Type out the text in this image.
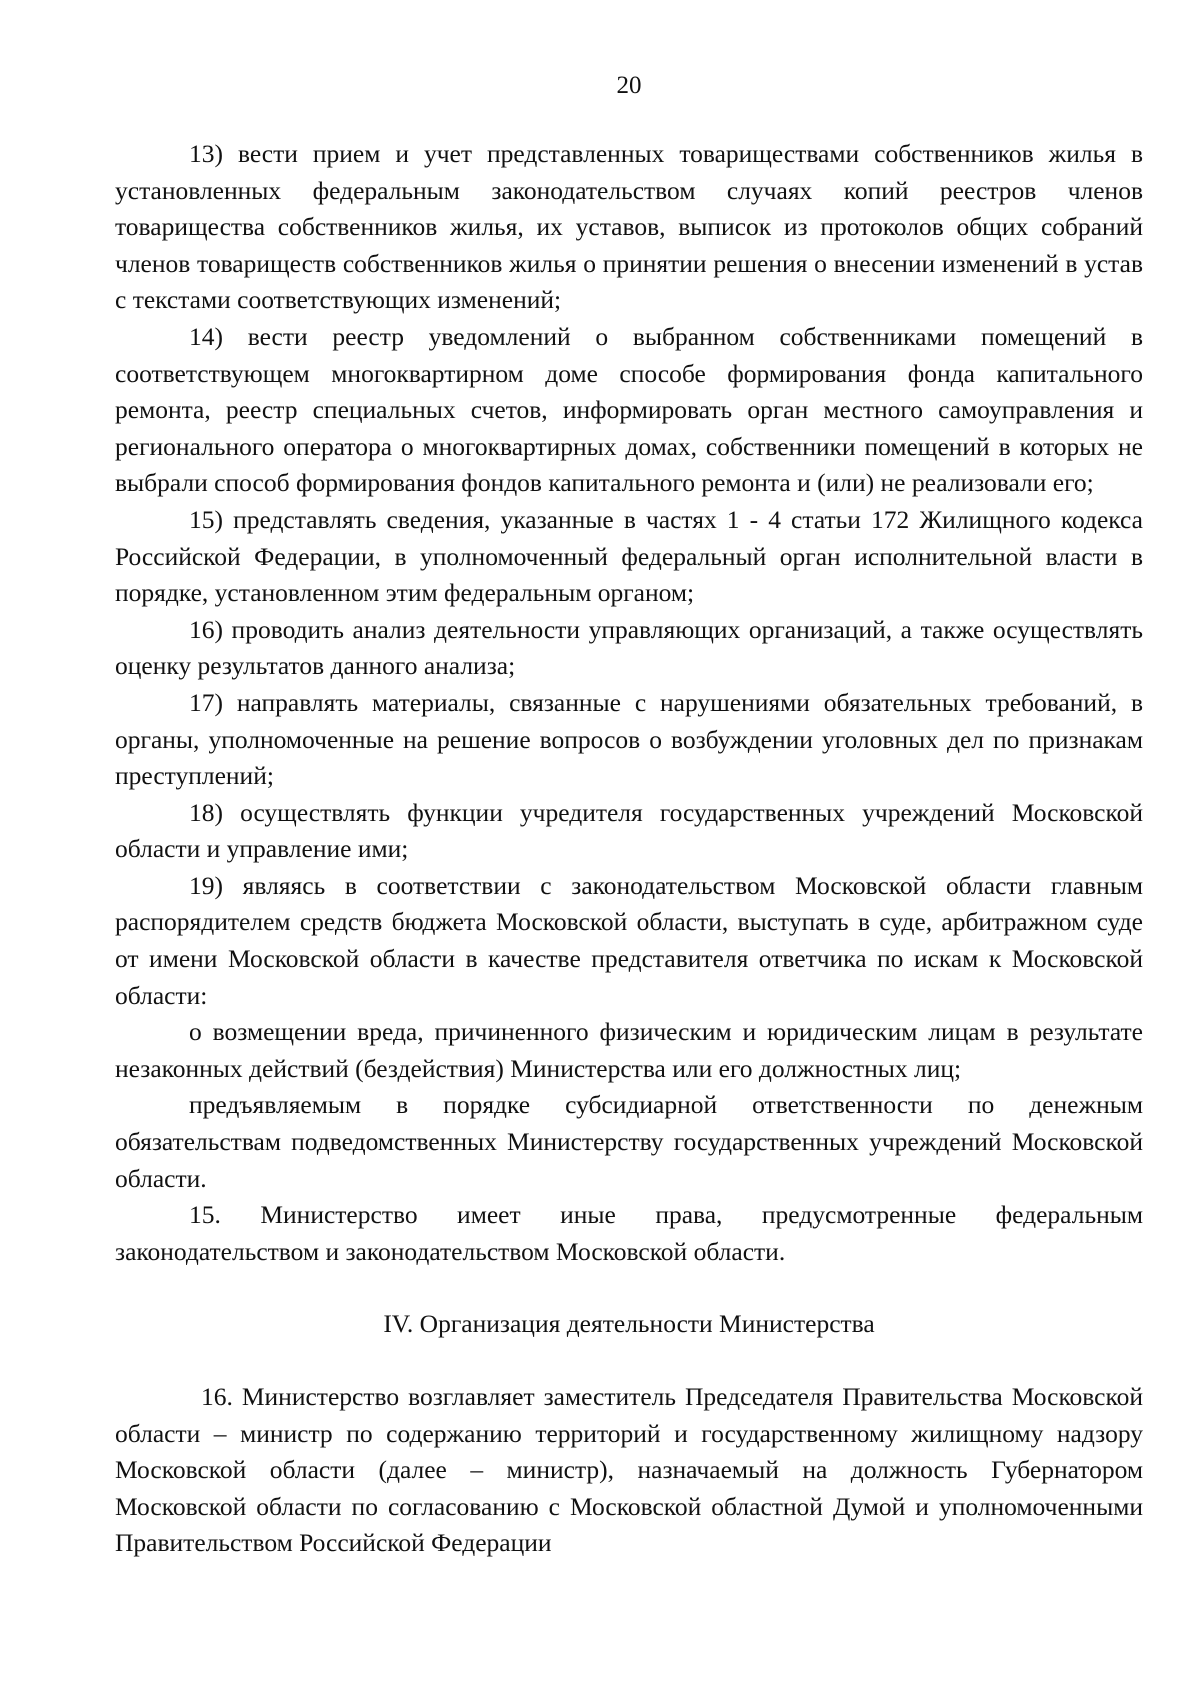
20

13) вести прием и учет представленных товариществами собственников жилья в установленных федеральным законодательством случаях копий реестров членов товарищества собственников жилья, их уставов, выписок из протоколов общих собраний членов товариществ собственников жилья о принятии решения о внесении изменений в устав с текстами соответствующих изменений;

14) вести реестр уведомлений о выбранном собственниками помещений в соответствующем многоквартирном доме способе формирования фонда капитального ремонта, реестр специальных счетов, информировать орган местного самоуправления и регионального оператора о многоквартирных домах, собственники помещений в которых не выбрали способ формирования фондов капитального ремонта и (или) не реализовали его;

15) представлять сведения, указанные в частях 1 - 4 статьи 172 Жилищного кодекса Российской Федерации, в уполномоченный федеральный орган исполнительной власти в порядке, установленном этим федеральным органом;

16) проводить анализ деятельности управляющих организаций, а также осуществлять оценку результатов данного анализа;

17) направлять материалы, связанные с нарушениями обязательных требований, в органы, уполномоченные на решение вопросов о возбуждении уголовных дел по признакам преступлений;

18) осуществлять функции учредителя государственных учреждений Московской области и управление ими;

19) являясь в соответствии с законодательством Московской области главным распорядителем средств бюджета Московской области, выступать в суде, арбитражном суде от имени Московской области в качестве представителя ответчика по искам к Московской области:

о возмещении вреда, причиненного физическим и юридическим лицам в результате незаконных действий (бездействия) Министерства или его должностных лиц;

предъявляемым в порядке субсидиарной ответственности по денежным обязательствам подведомственных Министерству государственных учреждений Московской области.

15. Министерство имеет иные права, предусмотренные федеральным законодательством и законодательством Московской области.

IV. Организация деятельности Министерства

16. Министерство возглавляет заместитель Председателя Правительства Московской области – министр по содержанию территорий и государственному жилищному надзору Московской области (далее – министр), назначаемый на должность Губернатором Московской области по согласованию с Московской областной Думой и уполномоченными Правительством Российской Федерации
